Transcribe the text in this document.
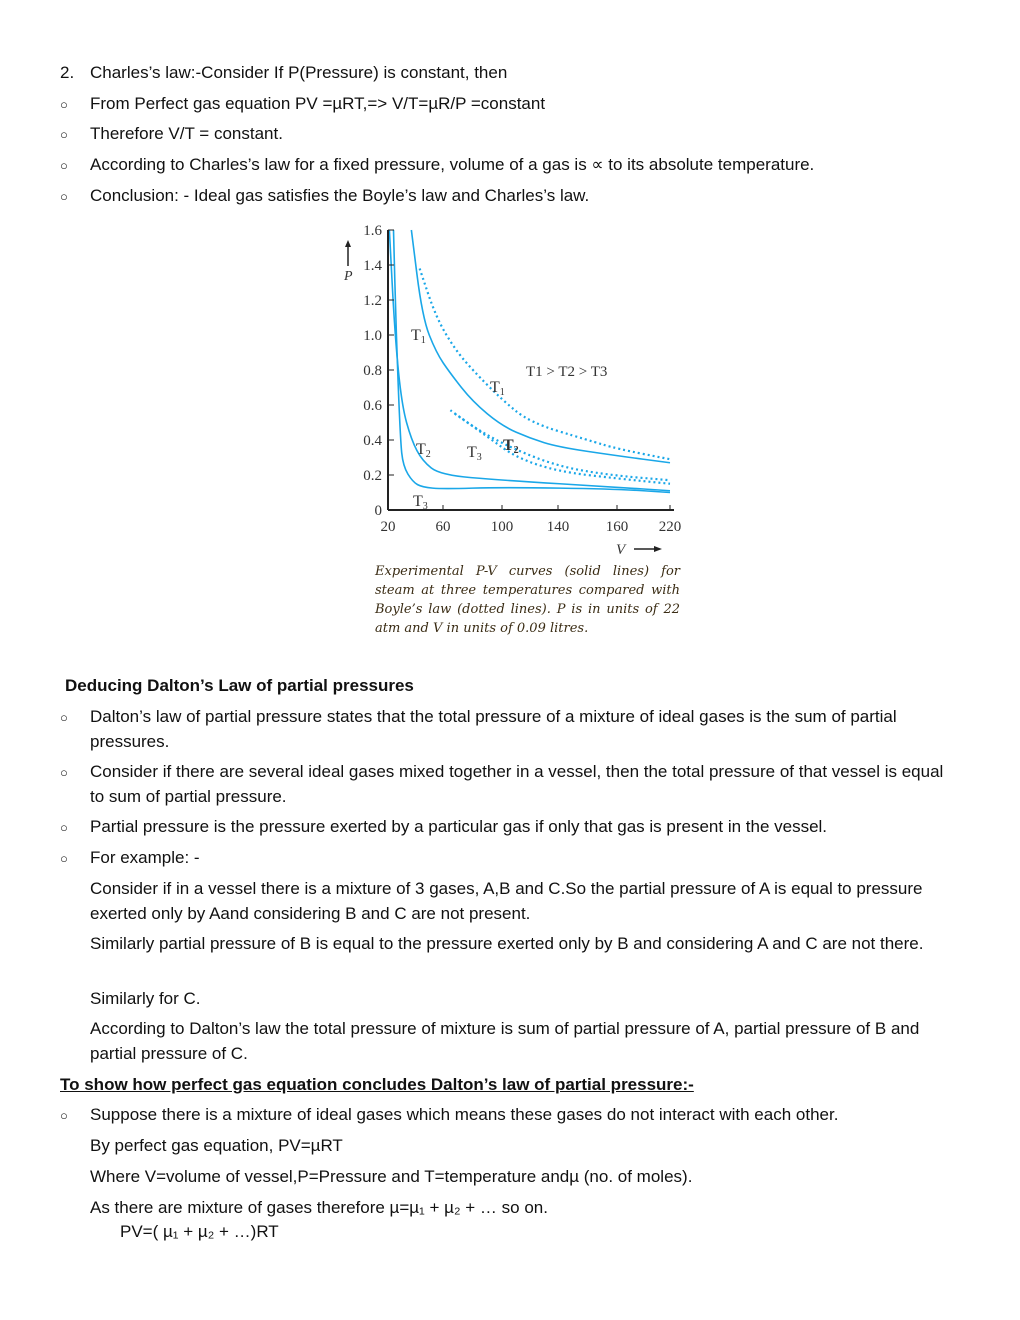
2. Charles’s law:-Consider If P(Pressure) is constant, then
○ From Perfect gas equation PV =µRT,=> V/T=µR/P =constant
○ Therefore V/T = constant.
○ According to Charles’s law for a fixed pressure, volume of a gas is ∝ to its absolute temperature.
○ Conclusion: - Ideal gas satisfies the Boyle’s law and Charles’s law.
0
0.2
0.4
0.6
0.8
1.0
1.2
1.4
1.6
20	60	100 140 160 220
P
V
T1
T1
T1 > T2 > T3
T2 T3
T2
T3
Experimental P-V curves (solid lines) for steam at three temperatures compared with Boyle’s law (dotted lines). P is in units of 22 atm and V in units of 0.09 litres.
Deducing Dalton’s Law of partial pressures
○ Dalton’s law of partial pressure states that the total pressure of a mixture of ideal gases is the sum of partial pressures.
○ Consider if there are several ideal gases mixed together in a vessel, then the total pressure of that vessel is equal to sum of partial pressure.
○ Partial pressure is the pressure exerted by a particular gas if only that gas is present in the vessel.
○ For example: -
Consider if in a vessel there is a mixture of 3 gases, A,B and C.So the partial pressure of A is equal to pressure exerted only by Aand considering B and C are not present.
Similarly partial pressure of B is equal to the pressure exerted only by B and considering A and C are not there.
Similarly for C.
According to Dalton’s law the total pressure of mixture is sum of partial pressure of A, partial pressure of B and partial pressure of C.
To show how perfect gas equation concludes Dalton’s law of partial pressure:-
○ Suppose there is a mixture of ideal gases which means these gases do not interact with each other.
By perfect gas equation, PV=µRT
Where V=volume of vessel,P=Pressure and T=temperature andµ (no. of moles).
As there are mixture of gases therefore µ=µ₁ + µ₂ + … so on.
PV=( µ₁ + µ₂ + …)RT
